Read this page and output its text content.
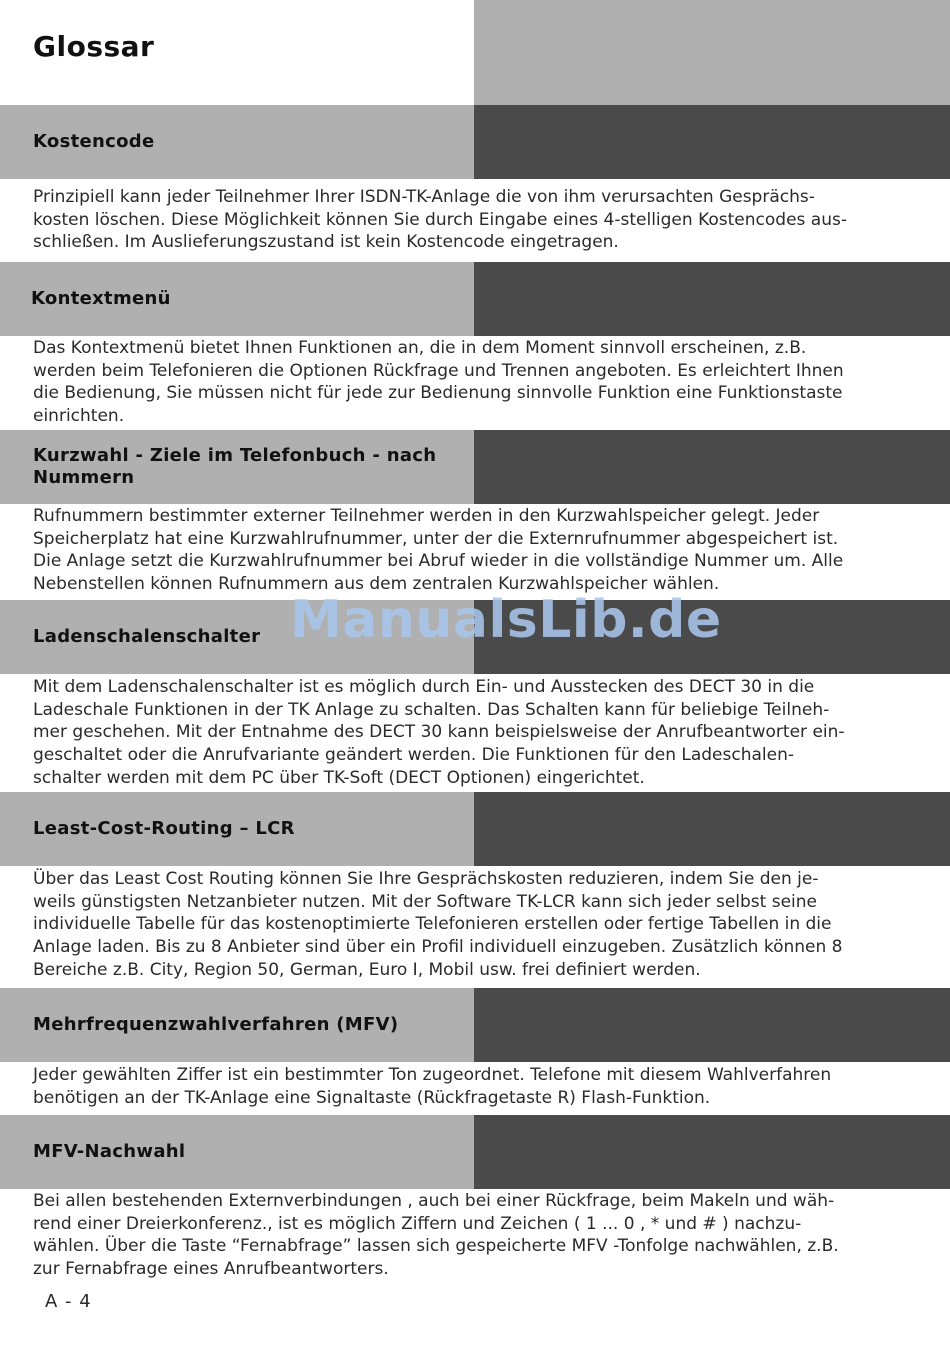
Glossar
Kostencode

Prinzipiell kann jeder Teilnehmer Ihrer ISDN-TK-Anlage die von ihm verursachten Gesprächs-
kosten löschen. Diese Möglichkeit können Sie durch Eingabe eines 4-stelligen Kostencodes aus-
schließen. Im Auslieferungszustand ist kein Kostencode eingetragen.

Kontextmenü

Das Kontextmenü bietet Ihnen Funktionen an, die in dem Moment sinnvoll erscheinen, z.B.
werden beim Telefonieren die Optionen Rückfrage und Trennen angeboten. Es erleichtert Ihnen
die Bedienung, Sie müssen nicht für jede zur Bedienung sinnvolle Funktion eine Funktionstaste
einrichten.

Kurzwahl - Ziele im Telefonbuch - nach
Nummern

Rufnummern bestimmter externer Teilnehmer werden in den Kurzwahlspeicher gelegt. Jeder
Speicherplatz hat eine Kurzwahlrufnummer, unter der die Externrufnummer abgespeichert ist.
Die Anlage setzt die Kurzwahlrufnummer bei Abruf wieder in die vollständige Nummer um. Alle
Nebenstellen können Rufnummern aus dem zentralen Kurzwahlspeicher wählen.

Ladenschalenschalter

Mit dem Ladenschalenschalter ist es möglich durch Ein- und Ausstecken des DECT 30 in die
Ladeschale Funktionen in der TK Anlage zu schalten. Das Schalten kann für beliebige Teilneh-
mer geschehen. Mit der Entnahme des DECT 30 kann beispielsweise der Anrufbeantworter ein-
geschaltet oder die Anrufvariante geändert werden. Die Funktionen für den Ladeschalen-
schalter werden mit dem PC über TK-Soft (DECT Optionen) eingerichtet.

Least-Cost-Routing – LCR

Über das Least Cost Routing können Sie Ihre Gesprächskosten reduzieren, indem Sie den je-
weils günstigsten Netzanbieter nutzen. Mit der Software TK-LCR kann sich jeder selbst seine
individuelle Tabelle für das kostenoptimierte Telefonieren erstellen oder fertige Tabellen in die
Anlage laden. Bis zu 8 Anbieter sind über ein Profil individuell einzugeben. Zusätzlich können 8
Bereiche z.B. City, Region 50, German, Euro I, Mobil usw. frei definiert werden.

Mehrfrequenzwahlverfahren (MFV)

Jeder gewählten Ziffer ist ein bestimmter Ton zugeordnet. Telefone mit diesem Wahlverfahren
benötigen an der TK-Anlage eine Signaltaste (Rückfragetaste R) Flash-Funktion.

MFV-Nachwahl

Bei allen bestehenden Externverbindungen , auch bei einer Rückfrage, beim Makeln und wäh-
rend einer Dreierkonferenz., ist es möglich Ziffern und Zeichen ( 1 ... 0 , * und # ) nachzu-
wählen. Über die Taste “Fernabfrage” lassen sich gespeicherte MFV -Tonfolge nachwählen, z.B.
zur Fernabfrage eines Anrufbeantworters.

ManualsLib.de
A - 4
